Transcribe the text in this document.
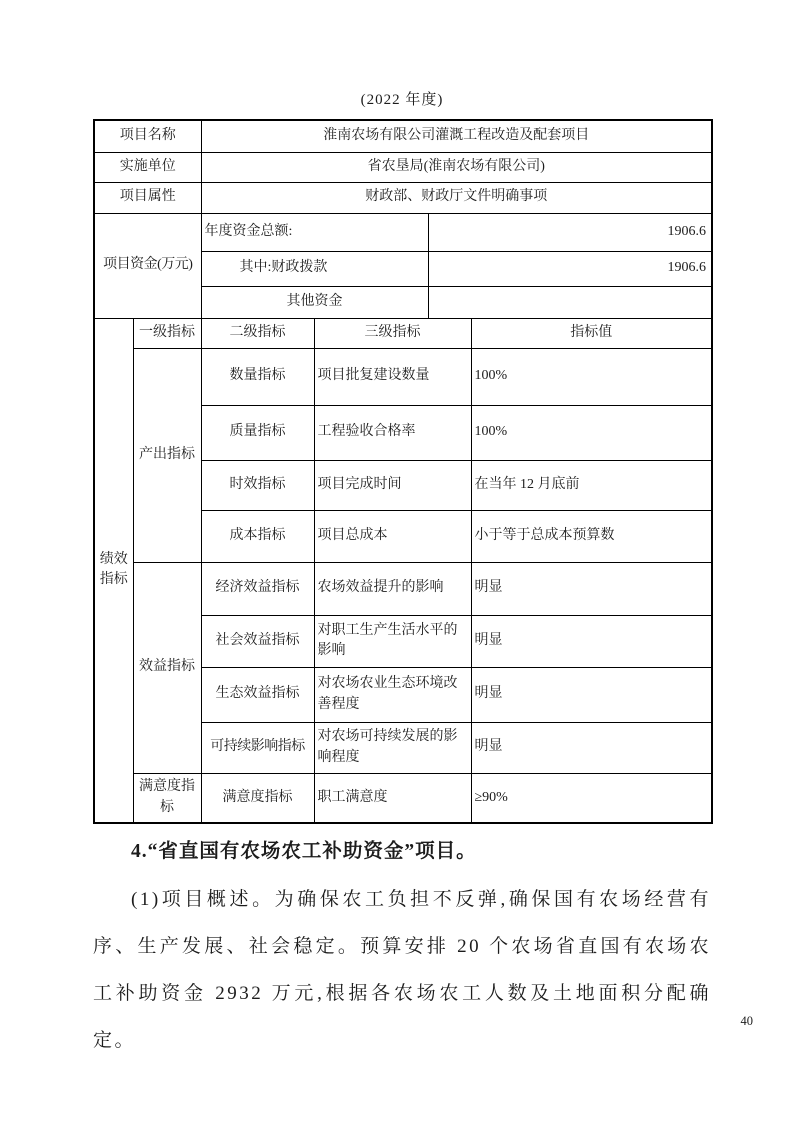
(2022 年度)
项目名称		淮南农场有限公司灌溉工程改造及配套项目			
实施单位		省农垦局(淮南农场有限公司)			
项目属性		财政部、财政厅文件明确事项			
项目资金(万元)		年度资金总额:		1906.6	
		其中:财政拨款		1906.6	
		其他资金			
绩效指标	一级指标	二级指标	三级指标		指标值
	产出指标	数量指标	项目批复建设数量		100%
		质量指标	工程验收合格率		100%
		时效指标	项目完成时间		在当年 12 月底前
		成本指标	项目总成本		小于等于总成本预算数
	效益指标	经济效益指标	农场效益提升的影响		明显
		社会效益指标	对职工生产生活水平的影响		明显
		生态效益指标	对农场农业生态环境改善程度		明显
		可持续影响指标	对农场可持续发展的影响程度		明显
	满意度指标	满意度指标	职工满意度		≥90%
4.“省直国有农场农工补助资金”项目。
(1)项目概述。为确保农工负担不反弹,确保国有农场经营有序、生产发展、社会稳定。预算安排 20 个农场省直国有农场农工补助资金 2932 万元,根据各农场农工人数及土地面积分配确定。
40
